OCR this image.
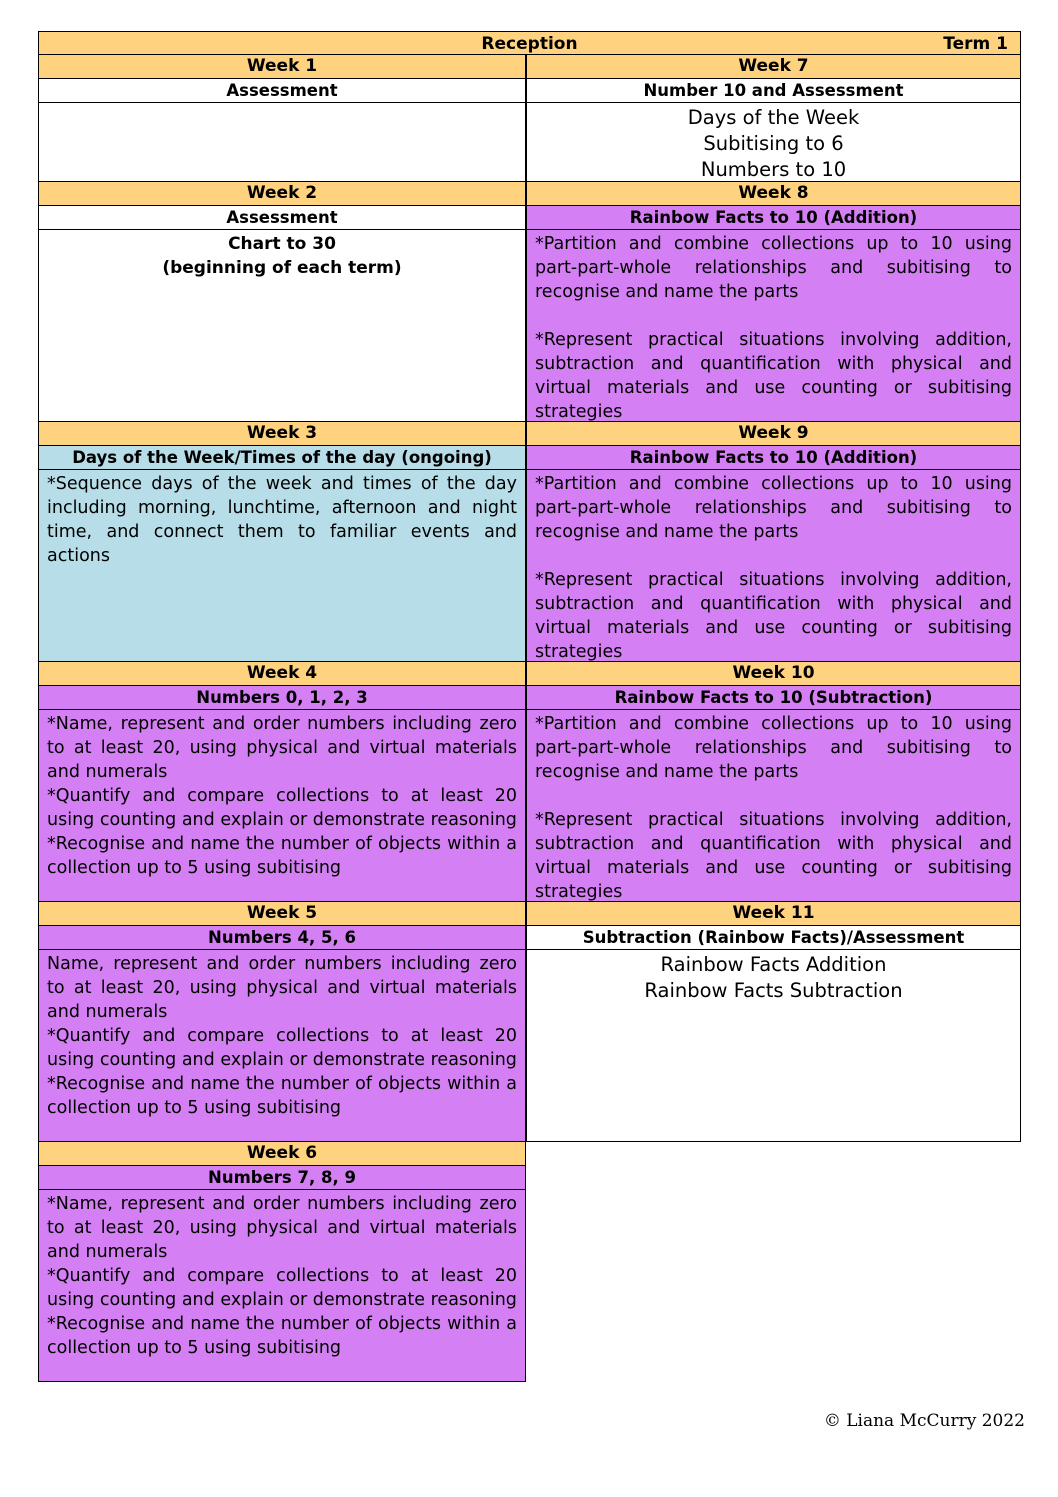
Reception	Term 1
Week 1
Assessment
Week 2
Assessment
Chart to 30
(beginning of each term)
Week 3
Days of the Week/Times of the day (ongoing)
*Sequence days of the week and times of the day including morning, lunchtime, afternoon and night time, and connect them to familiar events and actions
Week 4
Numbers 0, 1, 2, 3
*Name, represent and order numbers including zero to at least 20, using physical and virtual materials and numerals
*Quantify and compare collections to at least 20 using counting and explain or demonstrate reasoning
*Recognise and name the number of objects within a collection up to 5 using subitising
Week 5
Numbers 4, 5, 6
Name, represent and order numbers including zero to at least 20, using physical and virtual materials and numerals
*Quantify and compare collections to at least 20 using counting and explain or demonstrate reasoning
*Recognise and name the number of objects within a collection up to 5 using subitising
Week 6
Numbers 7, 8, 9
*Name, represent and order numbers including zero to at least 20, using physical and virtual materials and numerals
*Quantify and compare collections to at least 20 using counting and explain or demonstrate reasoning
*Recognise and name the number of objects within a collection up to 5 using subitising
Week 7
Number 10 and Assessment
Days of the Week
Subitising to 6
Numbers to 10
Week 8
Rainbow Facts to 10 (Addition)
*Partition and combine collections up to 10 using part-part-whole relationships and subitising to recognise and name the parts
*Represent practical situations involving addition, subtraction and quantification with physical and virtual materials and use counting or subitising strategies
Week 9
Rainbow Facts to 10 (Addition)
*Partition and combine collections up to 10 using part-part-whole relationships and subitising to recognise and name the parts
*Represent practical situations involving addition, subtraction and quantification with physical and virtual materials and use counting or subitising strategies
Week 10
Rainbow Facts to 10 (Subtraction)
*Partition and combine collections up to 10 using part-part-whole relationships and subitising to recognise and name the parts
*Represent practical situations involving addition, subtraction and quantification with physical and virtual materials and use counting or subitising strategies
Week 11
Subtraction (Rainbow Facts)/Assessment
Rainbow Facts Addition
Rainbow Facts Subtraction
© Liana McCurry 2022
